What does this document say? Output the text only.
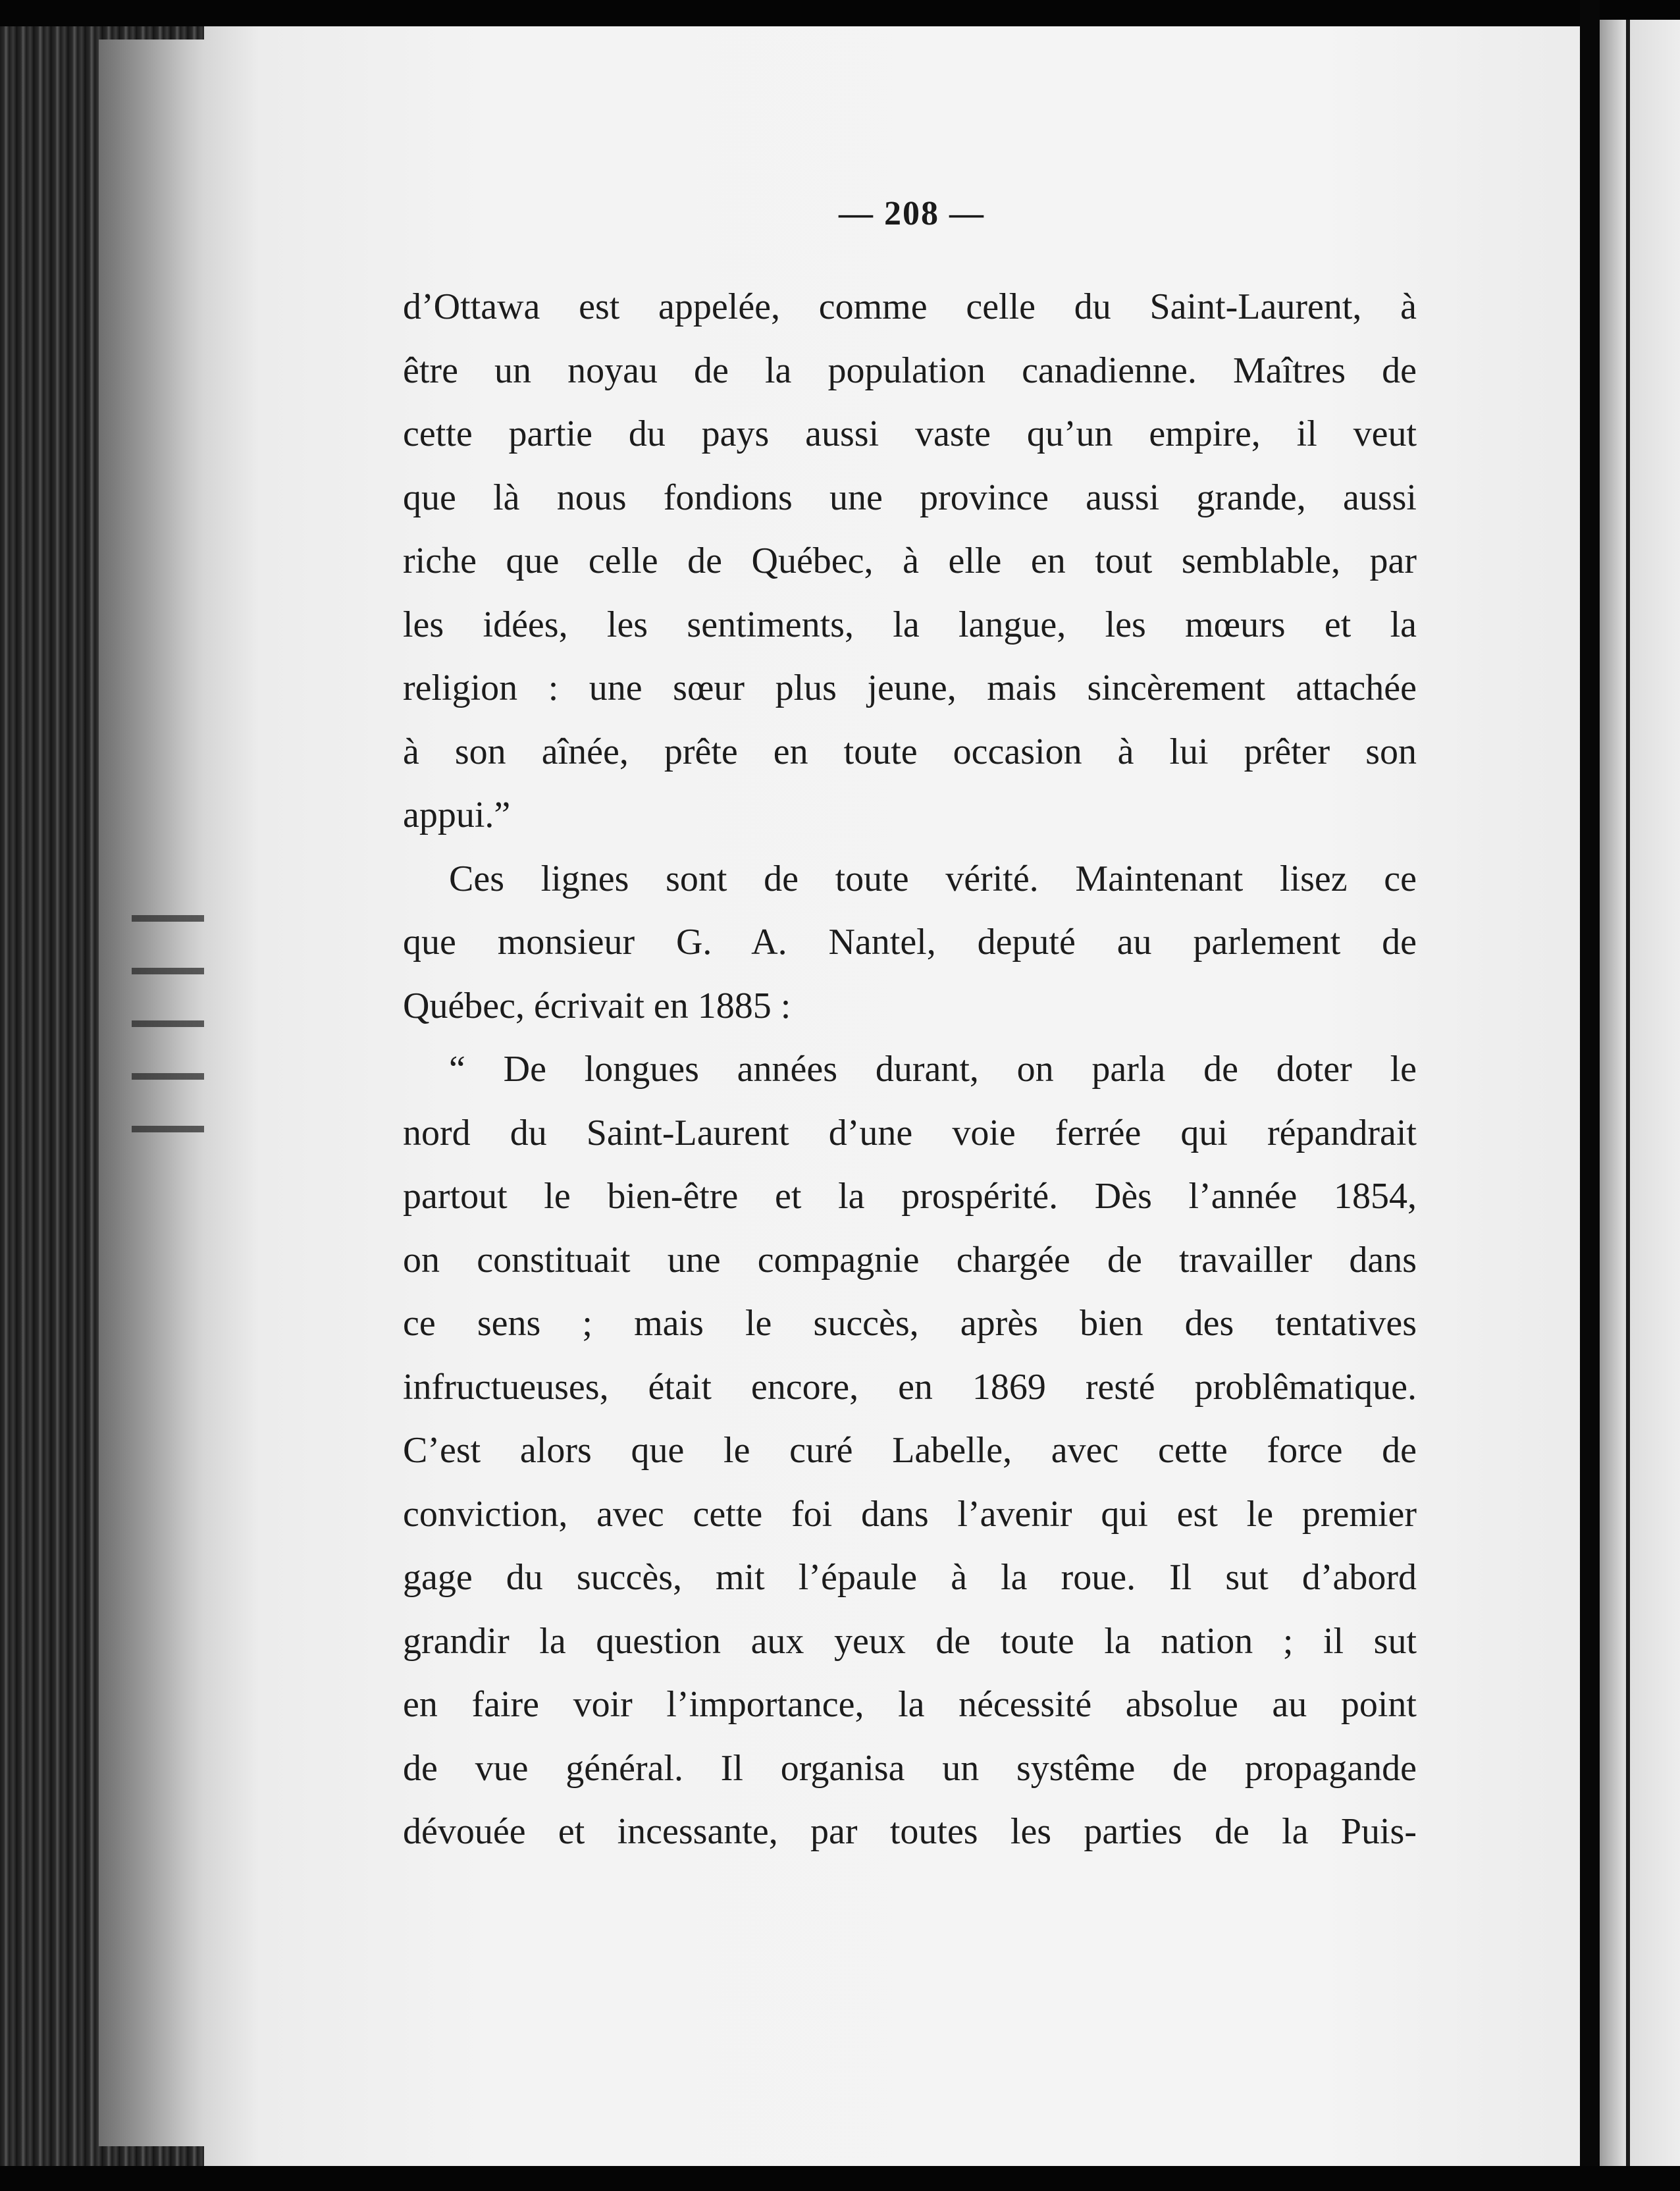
— 208 —
d’Ottawa est appelée, comme celle du Saint-Laurent, à
être un noyau de la population canadienne. Maîtres de
cette partie du pays aussi vaste qu’un empire, il veut
que là nous fondions une province aussi grande, aussi
riche que celle de Québec, à elle en tout semblable, par
les idées, les sentiments, la langue, les mœurs et la
religion : une sœur plus jeune, mais sincèrement attachée
à son aînée, prête en toute occasion à lui prêter son
appui.”
Ces lignes sont de toute vérité. Maintenant lisez ce
que monsieur G. A. Nantel, deputé au parlement de
Québec, écrivait en 1885 :
“ De longues années durant, on parla de doter le
nord du Saint-Laurent d’une voie ferrée qui répandrait
partout le bien-être et la prospérité. Dès l’année 1854,
on constituait une compagnie chargée de travailler dans
ce sens ; mais le succès, après bien des tentatives
infructueuses, était encore, en 1869 resté problêmatique.
C’est alors que le curé Labelle, avec cette force de
conviction, avec cette foi dans l’avenir qui est le premier
gage du succès, mit l’épaule à la roue. Il sut d’abord
grandir la question aux yeux de toute la nation ; il sut
en faire voir l’importance, la nécessité absolue au point
de vue général. Il organisa un systême de propagande
dévouée et incessante, par toutes les parties de la Puis-
